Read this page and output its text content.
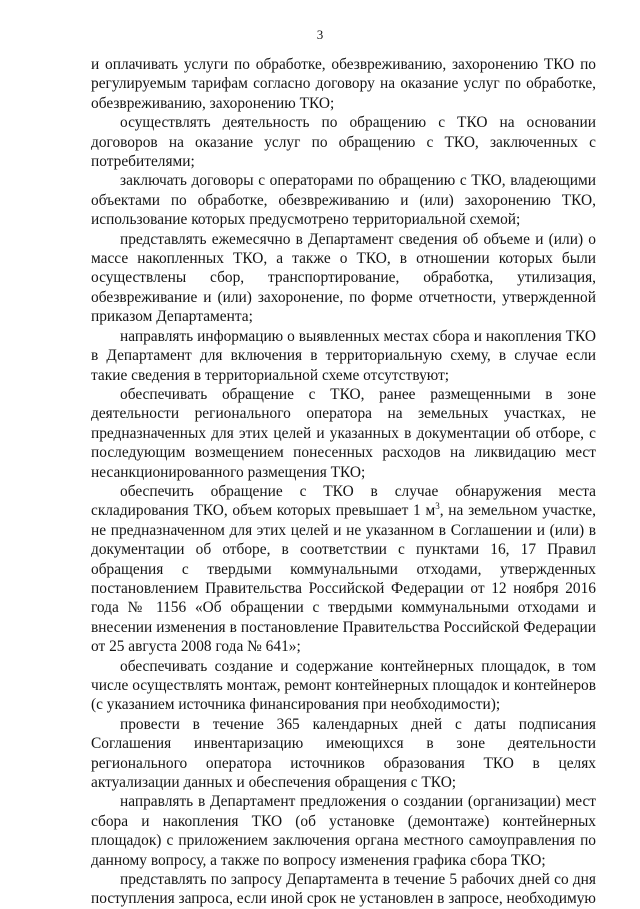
3

и оплачивать услуги по обработке, обезвреживанию, захоронению ТКО по регулируемым тарифам согласно договору на оказание услуг по обработке, обезвреживанию, захоронению ТКО;

осуществлять деятельность по обращению с ТКО на основании договоров на оказание услуг по обращению с ТКО, заключенных с потребителями;

заключать договоры с операторами по обращению с ТКО, владеющими объектами по обработке, обезвреживанию и (или) захоронению ТКО, использование которых предусмотрено территориальной схемой;

представлять ежемесячно в Департамент сведения об объеме и (или) о массе накопленных ТКО, а также о ТКО, в отношении которых были осуществлены сбор, транспортирование, обработка, утилизация, обезвреживание и (или) захоронение, по форме отчетности, утвержденной приказом Департамента;

направлять информацию о выявленных местах сбора и накопления ТКО в Департамент для включения в территориальную схему, в случае если такие сведения в территориальной схеме отсутствуют;

обеспечивать обращение с ТКО, ранее размещенными в зоне деятельности регионального оператора на земельных участках, не предназначенных для этих целей и указанных в документации об отборе, с последующим возмещением понесенных расходов на ликвидацию мест несанкционированного размещения ТКО;

обеспечить обращение с ТКО в случае обнаружения места складирования ТКО, объем которых превышает 1 $м^3$, на земельном участке, не предназначенном для этих целей и не указанном в Соглашении и (или) в документации об отборе, в соответствии с пунктами 16, 17 Правил обращения с твердыми коммунальными отходами, утвержденных постановлением Правительства Российской Федерации от 12 ноября 2016 года № 1156 «Об обращении с твердыми коммунальными отходами и внесении изменения в постановление Правительства Российской Федерации от 25 августа 2008 года № 641»;

обеспечивать создание и содержание контейнерных площадок, в том числе осуществлять монтаж, ремонт контейнерных площадок и контейнеров (с указанием источника финансирования при необходимости);

провести в течение 365 календарных дней с даты подписания Соглашения инвентаризацию имеющихся в зоне деятельности регионального оператора источников образования ТКО в целях актуализации данных и обеспечения обращения с ТКО;

направлять в Департамент предложения о создании (организации) мест сбора и накопления ТКО (об установке (демонтаже) контейнерных площадок) с приложением заключения органа местного самоуправления по данному вопросу, а также по вопросу изменения графика сбора ТКО;

представлять по запросу Департамента в течение 5 рабочих дней со дня поступления запроса, если иной срок не установлен в запросе, необходимую
